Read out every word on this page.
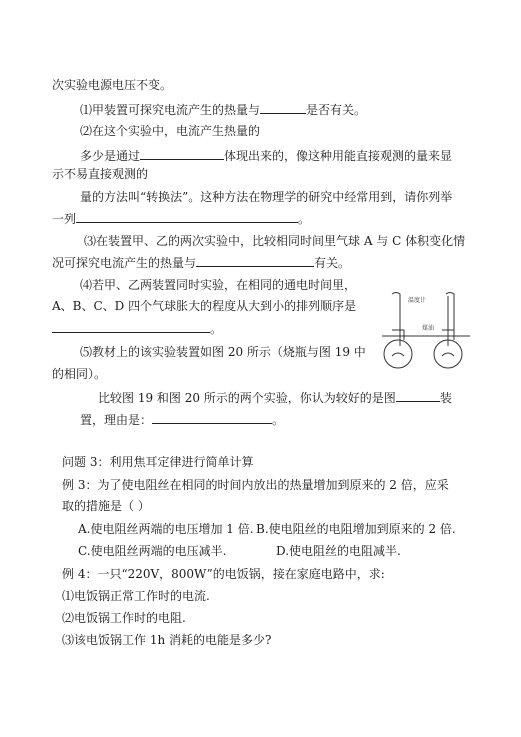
次实验电源电压不变。
⑴甲装置可探究电流产生的热量与	是否有关。
⑵在这个实验中，电流产生热量的
多少是通过	体现出来的，像这种用能直接观测的量来显
示不易直接观测的
量的方法叫“转换法”。这种方法在物理学的研究中经常用到，请你列举
一列	。
⑶在装置甲、乙的两次实验中，比较相同时间里气球 A 与 C 体积变化情
况可探究电流产生的热量与	有关。
⑷若甲、乙两装置同时实验，在相同的通电时间里，
A、B、C、D 四个气球胀大的程度从大到小的排列顺序是
。
⑸教材上的该实验装置如图 20 所示（烧瓶与图 19 中
的相同）。
比较图 19 和图 20 所示的两个实验，你认为较好的是图	装
置，理由是：	。
问题 3：利用焦耳定律进行简单计算
例 3：为了使电阻丝在相同的时间内放出的热量增加到原来的 2 倍，应采
取的措施是（ ）
A.使电阻丝两端的电压增加 1 倍. B.使电阻丝的电阻增加到原来的 2 倍.
C.使电阻丝两端的电压减半.	D.使电阻丝的电阻减半.
例 4：一只“220V，800W”的电饭锅，接在家庭电路中，求:
⑴电饭锅正常工作时的电流.
⑵电饭锅工作时的电阻.
⑶该电饭锅工作 1h 消耗的电能是多少?
温度计
煤油
